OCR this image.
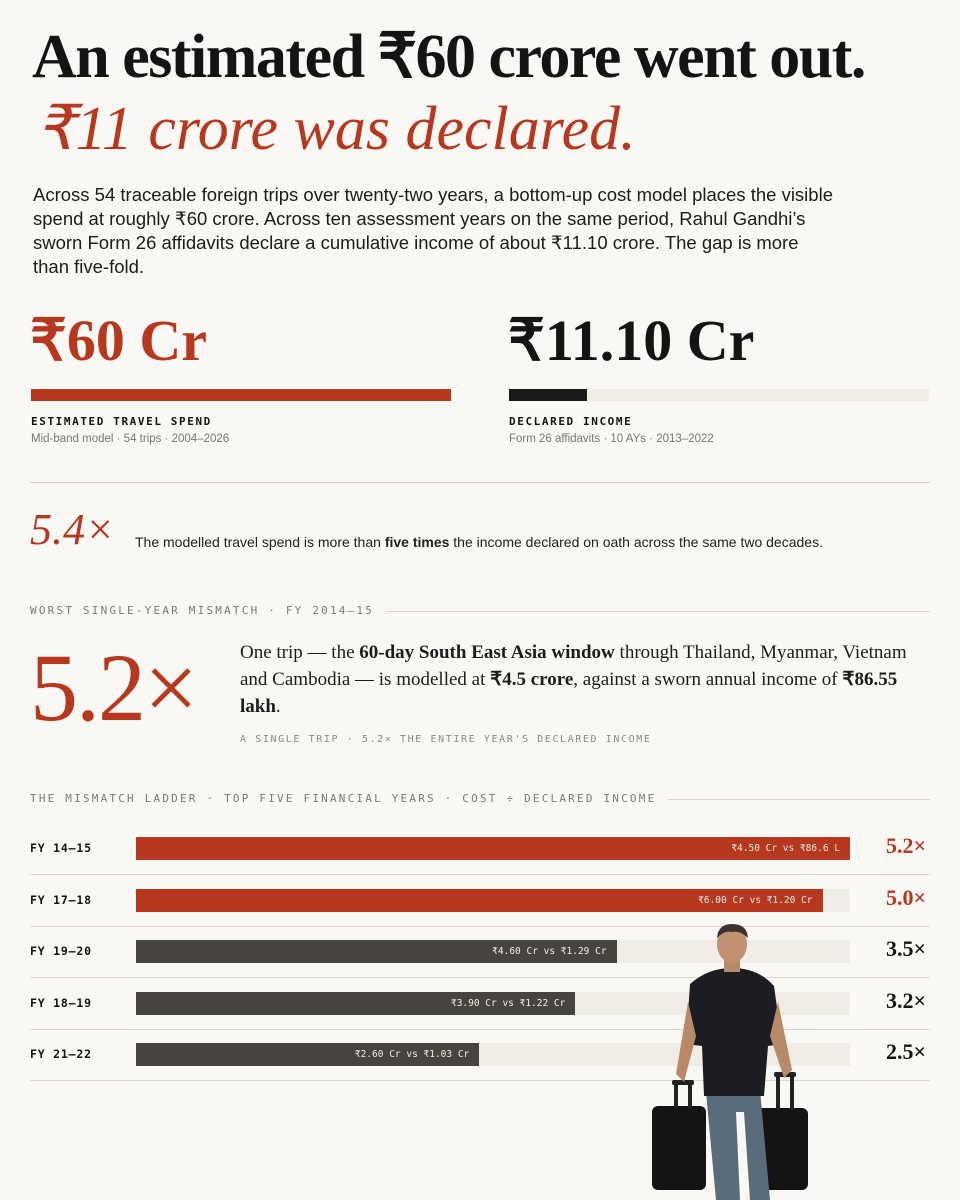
An estimated ₹60 crore went out.
₹11 crore was declared.

Across 54 traceable foreign trips over twenty-two years, a bottom-up cost model places the visible spend at roughly ₹60 crore. Across ten assessment years on the same period, Rahul Gandhi’s sworn Form 26 affidavits declare a cumulative income of about ₹11.10 crore. The gap is more than five-fold.

₹60 Cr
ESTIMATED TRAVEL SPEND
Mid-band model · 54 trips · 2004–2026
₹11.10 Cr
DECLARED INCOME
Form 26 affidavits · 10 AYs · 2013–2022
5.4× The modelled travel spend is more than five times the income declared on oath across the same two decades.
WORST SINGLE-YEAR MISMATCH · FY 2014–15
5.2× One trip — the 60-day South East Asia window through Thailand, Myanmar, Vietnam and Cambodia — is modelled at ₹4.5 crore, against a sworn annual income of ₹86.55 lakh.
A SINGLE TRIP · 5.2× THE ENTIRE YEAR'S DECLARED INCOME
THE MISMATCH LADDER · TOP FIVE FINANCIAL YEARS · COST ÷ DECLARED INCOME
FY 14–15	₹4.50 Cr vs ₹86.6 L 5.2×
FY 17–18	₹6.00 Cr vs ₹1.20 Cr	5.0×
FY 19–20	₹4.60 Cr vs ₹1.29 Cr	3.5×
FY 18–19	₹3.90 Cr vs ₹1.22 Cr	3.2×
FY 21–22	₹2.60 Cr vs ₹1.03 Cr	2.5×
